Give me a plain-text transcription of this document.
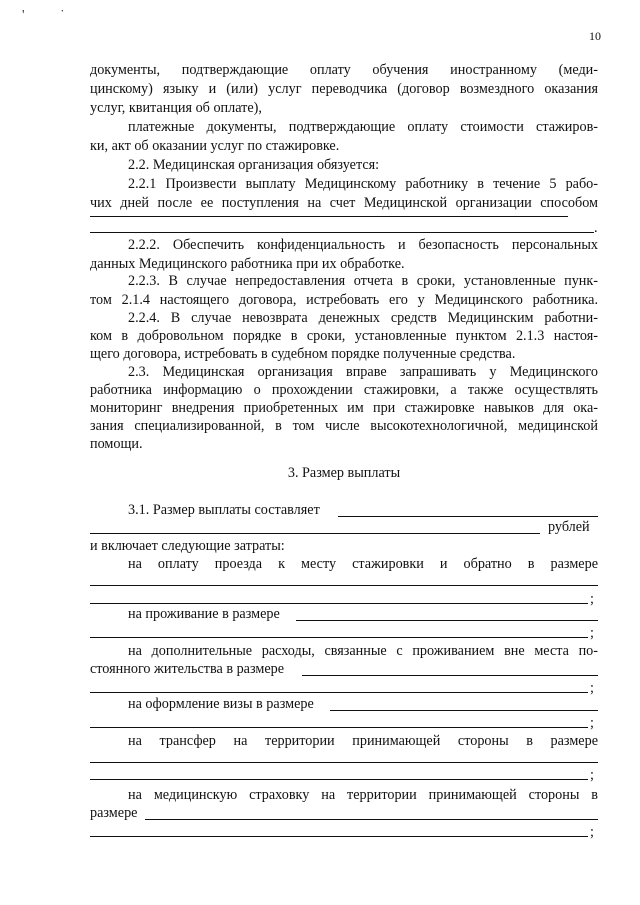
10
' ˙
документы, подтверждающие оплату обучения иностранному (меди-
цинскому) языку и (или) услуг переводчика (договор возмездного оказания
услуг, квитанция об оплате),
платежные документы, подтверждающие оплату стоимости стажиров-
ки, акт об оказании услуг по стажировке.
2.2. Медицинская организация обязуется:
2.2.1 Произвести выплату Медицинскому работнику в течение 5 рабо-
чих дней после ее поступления на счет Медицинской организации способом
.
2.2.2. Обеспечить конфиденциальность и безопасность персональных
данных Медицинского работника при их обработке.
2.2.3. В случае непредоставления отчета в сроки, установленные пунк-
том 2.1.4 настоящего договора, истребовать его у Медицинского работника.
2.2.4. В случае невозврата денежных средств Медицинским работни-
ком в добровольном порядке в сроки, установленные пунктом 2.1.3 настоя-
щего договора, истребовать в судебном порядке полученные средства.
2.3. Медицинская организация вправе запрашивать у Медицинского
работника информацию о прохождении стажировки, а также осуществлять
мониторинг внедрения приобретенных им при стажировке навыков для ока-
зания специализированной, в том числе высокотехнологичной, медицинской
помощи.
3. Размер выплаты
3.1. Размер выплаты составляет
рублей
и включает следующие затраты:
на оплату проезда к месту стажировки и обратно в размере
;
на проживание в размере
;
на дополнительные расходы, связанные с проживанием вне места по-
стоянного жительства в размере
;
на оформление визы в размере
;
на трансфер на территории принимающей стороны в размере
;
на медицинскую страховку на территории принимающей стороны в
размере
;
